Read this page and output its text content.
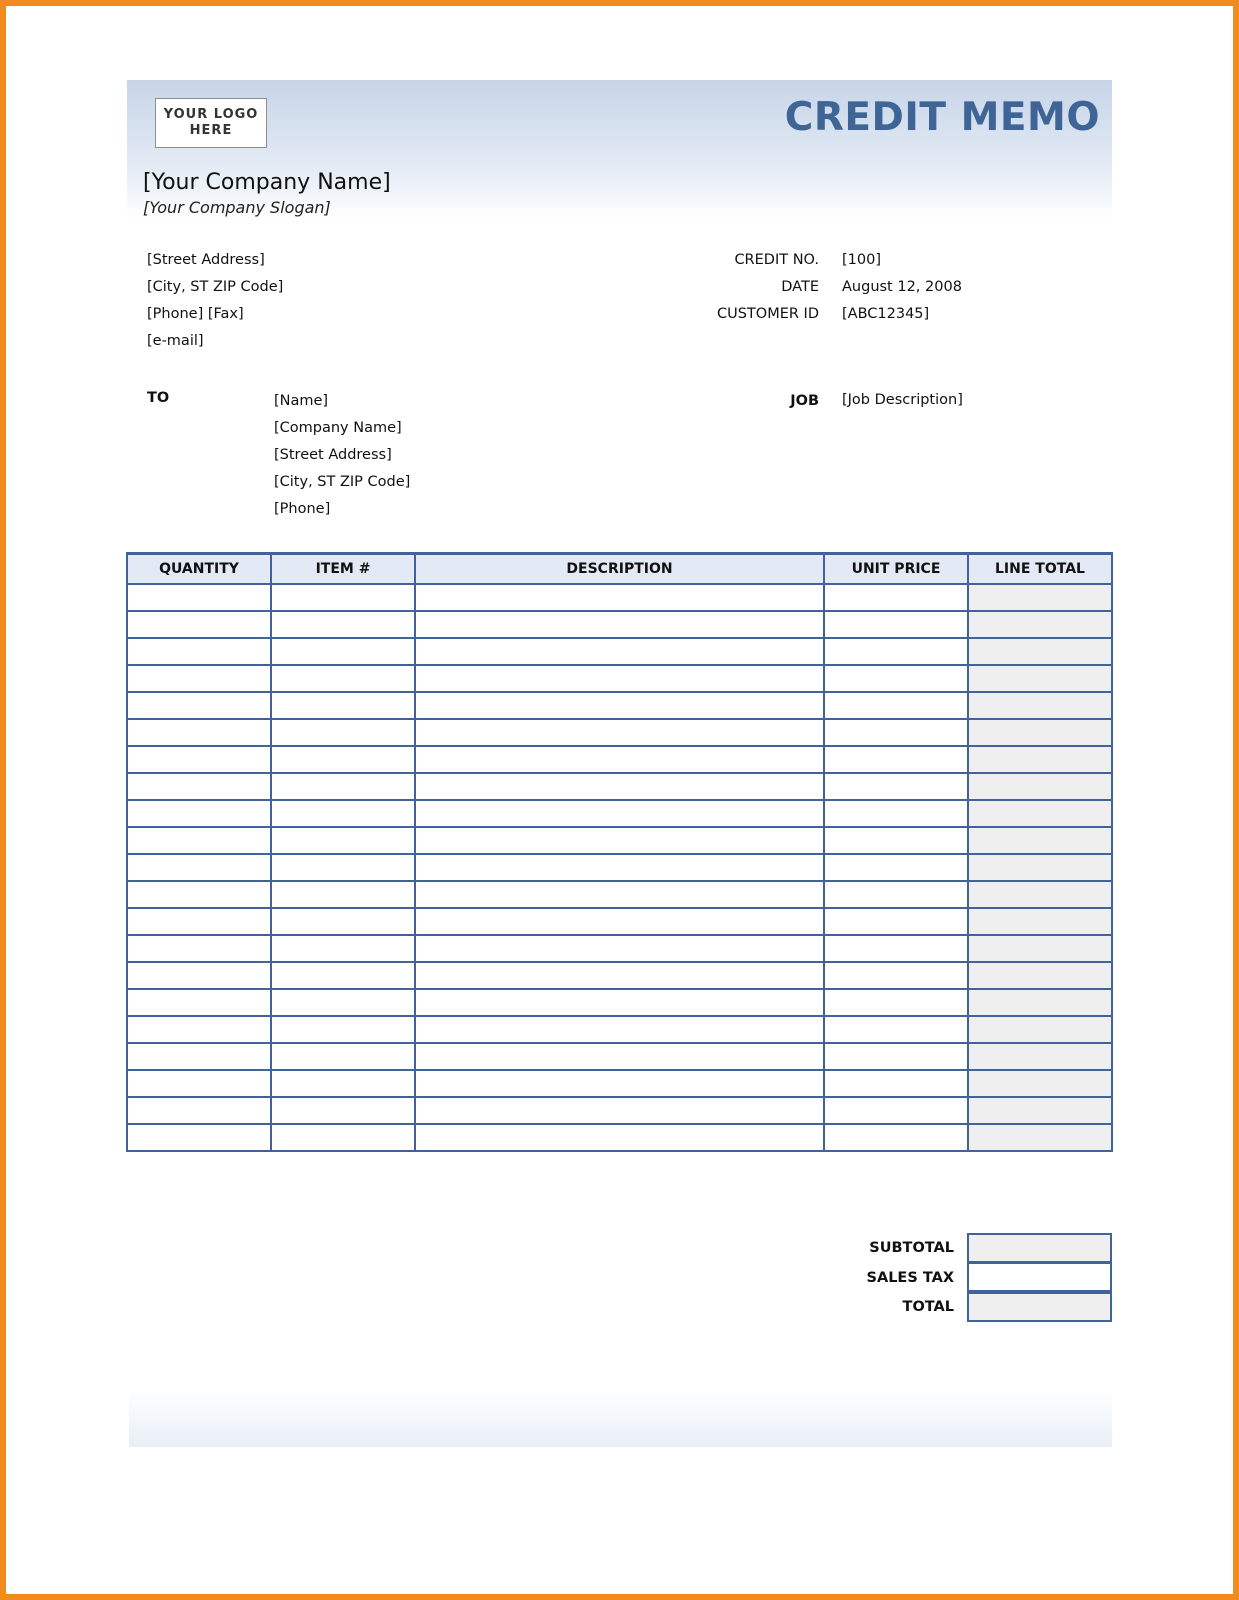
YOUR LOGO
HERE	CREDIT MEMO
[Your Company Name]
[Your Company Slogan]
[Street Address]
[City, ST ZIP Code]
[Phone] [Fax]
[e-mail]
CREDIT NO. [100]
DATE August 12, 2008
CUSTOMER ID [ABC12345]
TO	[Name]
[Company Name]
[Street Address]
[City, ST ZIP Code]
[Phone]
JOB [Job Description]
QUANTITY	ITEM #	DESCRIPTION	UNIT PRICE	LINE TOTAL

SUBTOTAL
SALES TAX
TOTAL
